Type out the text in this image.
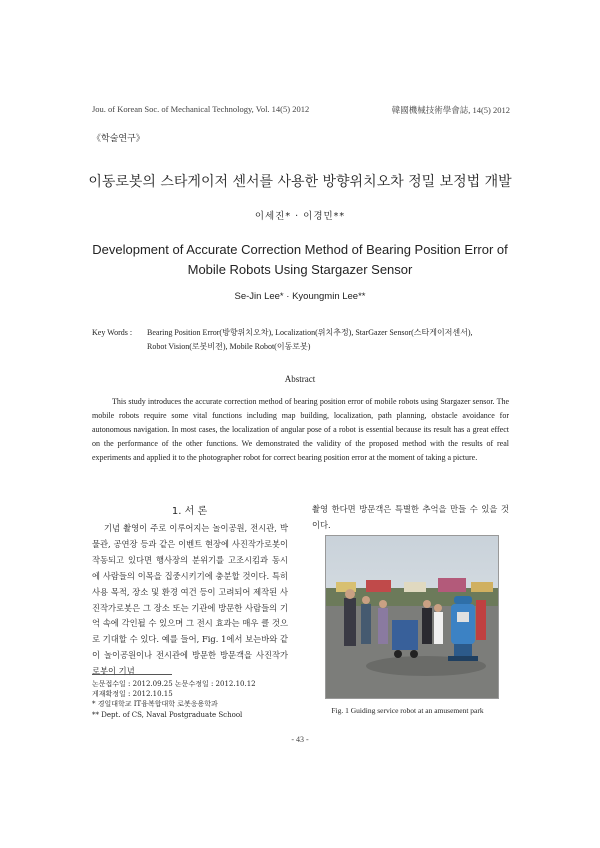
Jou. of Korean Soc. of Mechanical Technology, Vol. 14(5) 2012	韓國機械技術學會誌, 14(5) 2012
《학술연구》
이동로봇의 스타게이저 센서를 사용한 방향위치오차 정밀 보정법 개발
이세진* · 이경민**
Development of Accurate Correction Method of Bearing Position Error of
Mobile Robots Using Stargazer Sensor
Se-Jin Lee* · Kyoungmin Lee**
Key Words :	Bearing Position Error(방향위치오차), Localization(위치추정), StarGazer Sensor(스타게이저센서),
Robot Vision(로봇비젼), Mobile Robot(이동로봇)
Abstract
This study introduces the accurate correction method of bearing position error of mobile robots using Stargazer sensor. The mobile robots require some vital functions including map building, localization, path planning, obstacle avoidance for autonomous navigation. In most cases, the localization of angular pose of a robot is essential because its result has a great effect on the performance of the other functions. We demonstrated the validity of the proposed method with the results of real experiments and applied it to the photographer robot for correct bearing position error at the moment of taking a picture.
1. 서 론
기념 촬영이 주로 이루어지는 놀이공원, 전시관, 박물관, 공연장 등과 같은 이벤트 현장에 사진작가로봇이 작동되고 있다면 행사장의 분위기를 고조시킴과 동시에 사람들의 이목을 집중시키기에 충분할 것이다. 특히 사용 목적, 장소 및 환경 여건 등이 고려되어 제작된 사진작가로봇은 그 장소 또는 기관에 방문한 사람들의 기억 속에 각인될 수 있으며 그 전시 효과는 매우 클 것으로 기대할 수 있다. 예를 들어, Fig. 1에서 보는바와 같이 놀이공원이나 전시관에 방문한 방문객을 사진작가로봇이 기념
촬영 한다면 방문객은 특별한 추억을 만들 수 있을 것이다.
논문접수일 : 2012.09.25 논문수정일 : 2012.10.12
게재확정일 : 2012.10.15
* 경일대학교 IT융복합대학 로봇응용학과
** Dept. of CS, Naval Postgraduate School	Fig. 1 Guiding service robot at an amusement park
- 43 -
